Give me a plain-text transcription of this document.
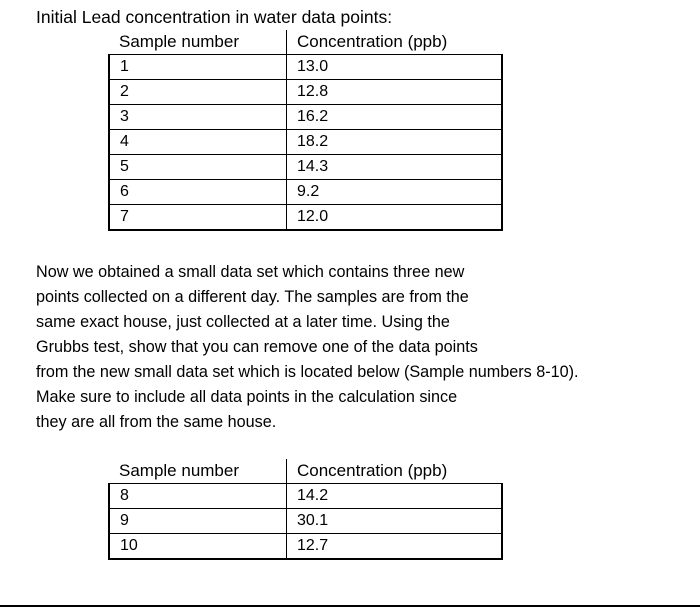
Initial Lead concentration in water data points:
Sample number	Concentration (ppb)
1	13.0
2	12.8
3	16.2
4	18.2
5	14.3
6	9.2
7	12.0
Now we obtained a small data set which contains three new
points collected on a different day. The samples are from the
same exact house, just collected at a later time. Using the
Grubbs test, show that you can remove one of the data points
from the new small data set which is located below (Sample numbers 8-10).
Make sure to include all data points in the calculation since
they are all from the same house.
Sample number	Concentration (ppb)
8	14.2
9	30.1
10	12.7
